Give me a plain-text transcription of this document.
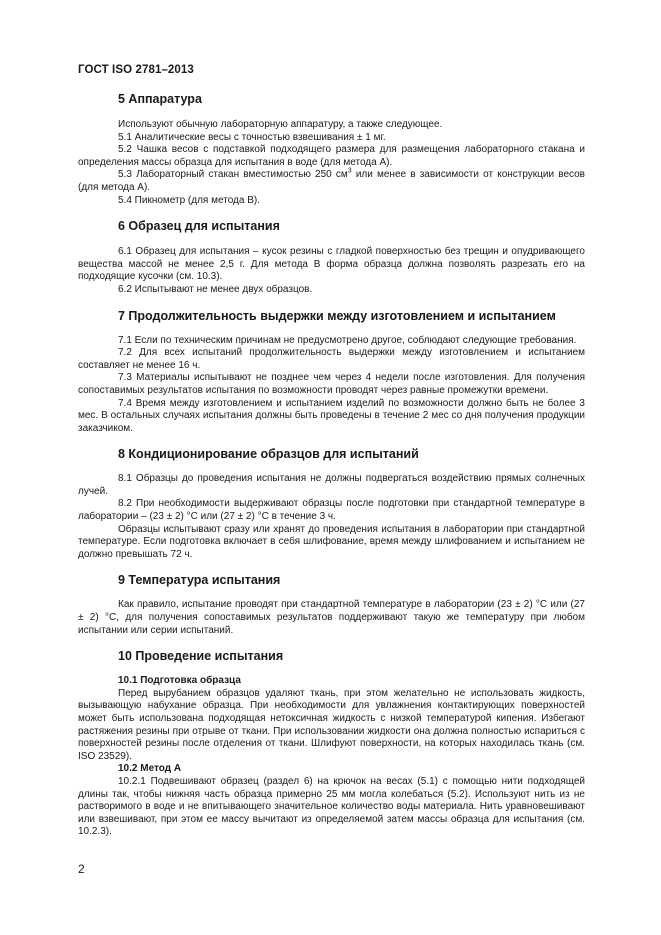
ГОСТ ISO 2781–2013
5 Аппаратура

Используют обычную лабораторную аппаратуру, а также следующее.

5.1 Аналитические весы с точностью взвешивания ± 1 мг.

5.2 Чашка весов с подставкой подходящего размера для размещения лабораторного стакана и определения массы образца для испытания в воде (для метода А).

5.3 Лабораторный стакан вместимостью 250 $см^3$ или менее в зависимости от конструкции весов (для метода А).

5.4 Пикнометр (для метода В).

6 Образец для испытания

6.1 Образец для испытания – кусок резины с гладкой поверхностью без трещин и опудривающего вещества массой не менее 2,5 г. Для метода В форма образца должна позволять разрезать его на подходящие кусочки (см. 10.3).

6.2 Испытывают не менее двух образцов.

7 Продолжительность выдержки между изготовлением и испытанием

7.1 Если по техническим причинам не предусмотрено другое, соблюдают следующие требования.

7.2 Для всех испытаний продолжительность выдержки между изготовлением и испытанием составляет не менее 16 ч.

7.3 Материалы испытывают не позднее чем через 4 недели после изготовления. Для получения сопоставимых результатов испытания по возможности проводят через равные промежутки времени.

7.4 Время между изготовлением и испытанием изделий по возможности должно быть не более 3 мес. В остальных случаях испытания должны быть проведены в течение 2 мес со дня получения продукции заказчиком.

8 Кондиционирование образцов для испытаний

8.1 Образцы до проведения испытания не должны подвергаться воздействию прямых солнечных лучей.

8.2 При необходимости выдерживают образцы после подготовки при стандартной температуре в лаборатории – (23 ± 2) °C или (27 ± 2) °C в течение 3 ч.

Образцы испытывают сразу или хранят до проведения испытания в лаборатории при стандартной температуре. Если подготовка включает в себя шлифование, время между шлифованием и испытанием не должно превышать 72 ч.

9 Температура испытания

Как правило, испытание проводят при стандартной температуре в лаборатории (23 ± 2) °C или (27 ± 2) °C, для получения сопоставимых результатов поддерживают такую же температуру при любом испытании или серии испытаний.

10 Проведение испытания

10.1 Подготовка образца

Перед вырубанием образцов удаляют ткань, при этом желательно не использовать жидкость, вызывающую набухание образца. При необходимости для увлажнения контактирующих поверхностей может быть использована подходящая нетоксичная жидкость с низкой температурой кипения. Избегают растяжения резины при отрыве от ткани. При использовании жидкости она должна полностью испариться с поверхностей резины после отделения от ткани. Шлифуют поверхности, на которых находилась ткань (см. ISO 23529).

10.2 Метод А

10.2.1 Подвешивают образец (раздел 6) на крючок на весах (5.1) с помощью нити подходящей длины так, чтобы нижняя часть образца примерно 25 мм могла колебаться (5.2). Используют нить из не растворимого в воде и не впитывающего значительное количество воды материала. Нить уравновешивают или взвешивают, при этом ее массу вычитают из определяемой затем массы образца для испытания (см. 10.2.3).

2
